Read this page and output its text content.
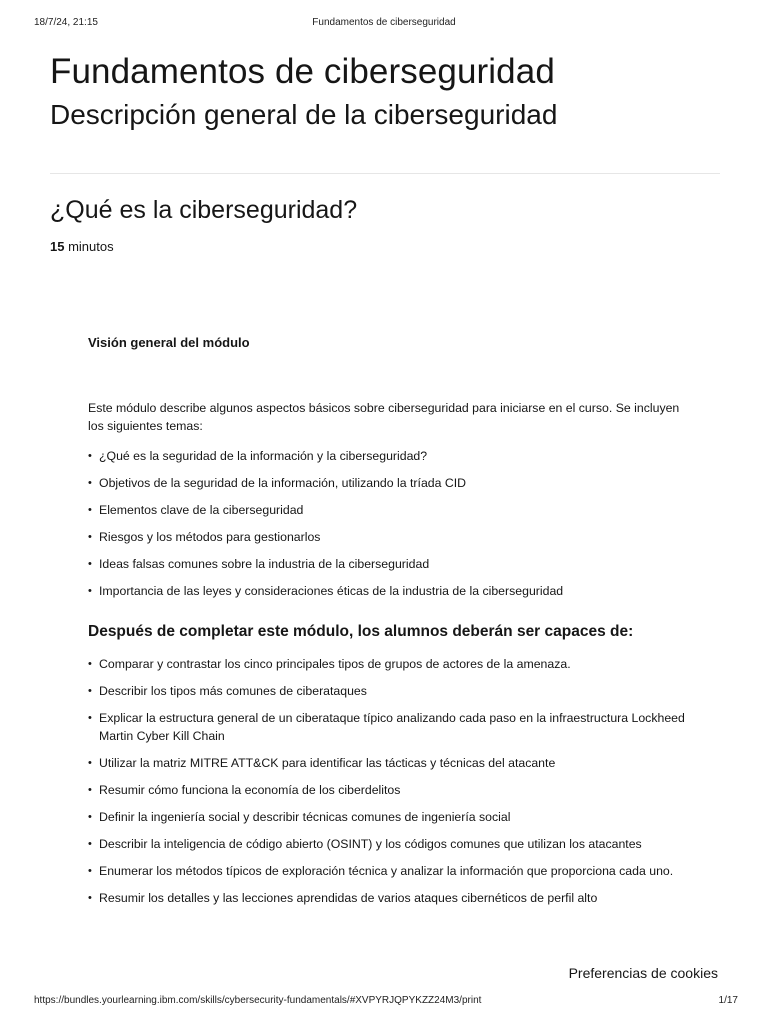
18/7/24, 21:15	Fundamentos de ciberseguridad
Fundamentos de ciberseguridad
Descripción general de la ciberseguridad
¿Qué es la ciberseguridad?
15 minutos

Visión general del módulo

Este módulo describe algunos aspectos básicos sobre ciberseguridad para iniciarse en el curso. Se incluyen los siguientes temas:

• ¿Qué es la seguridad de la información y la ciberseguridad?
• Objetivos de la seguridad de la información, utilizando la tríada CID
• Elementos clave de la ciberseguridad
• Riesgos y los métodos para gestionarlos
• Ideas falsas comunes sobre la industria de la ciberseguridad
• Importancia de las leyes y consideraciones éticas de la industria de la ciberseguridad

Después de completar este módulo, los alumnos deberán ser capaces de:

• Comparar y contrastar los cinco principales tipos de grupos de actores de la amenaza.
• Describir los tipos más comunes de ciberataques
• Explicar la estructura general de un ciberataque típico analizando cada paso en la infraestructura Lockheed Martin Cyber Kill Chain
• Utilizar la matriz MITRE ATT&CK para identificar las tácticas y técnicas del atacante
• Resumir cómo funciona la economía de los ciberdelitos
• Definir la ingeniería social y describir técnicas comunes de ingeniería social
• Describir la inteligencia de código abierto (OSINT) y los códigos comunes que utilizan los atacantes
• Enumerar los métodos típicos de exploración técnica y analizar la información que proporciona cada uno.
• Resumir los detalles y las lecciones aprendidas de varios ataques cibernéticos de perfil alto
Preferencias de cookies
https://bundles.yourlearning.ibm.com/skills/cybersecurity-fundamentals/#XVPYRJQPYKZZ24M3/print	1/17
